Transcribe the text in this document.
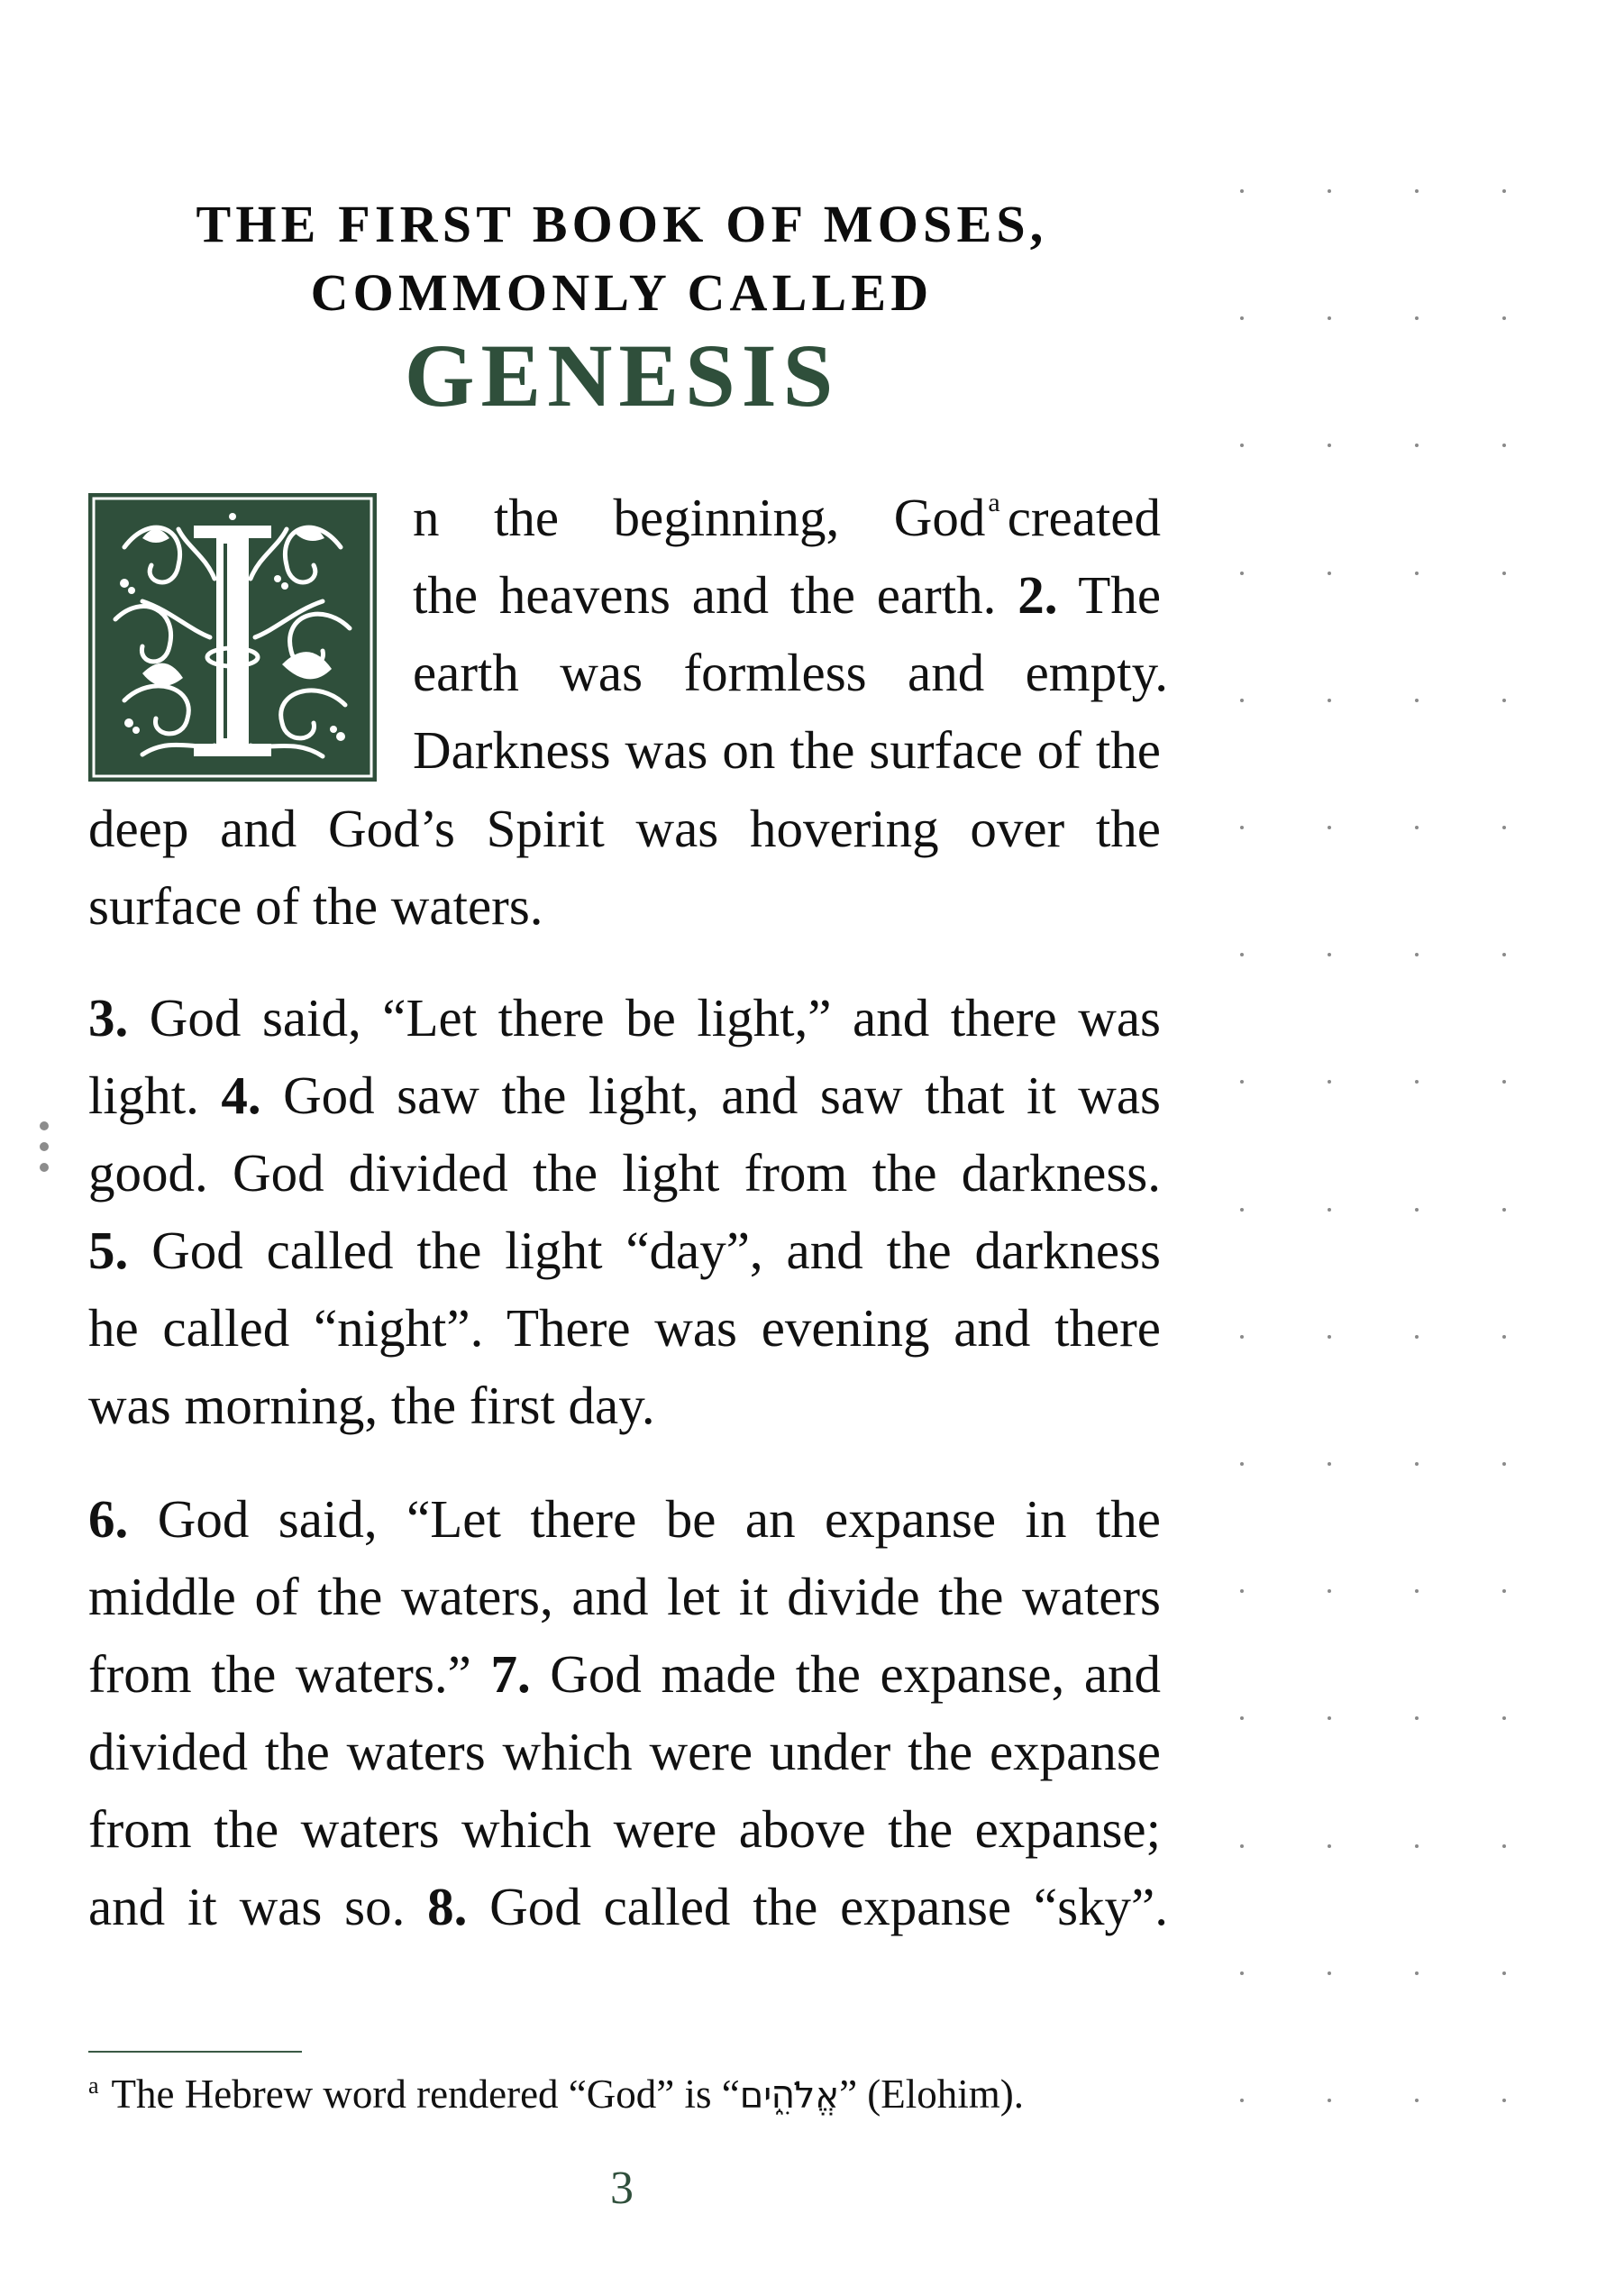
THE FIRST BOOK OF MOSES,
COMMONLY CALLED
GENESIS
n the beginning, God $^a$ created
the heavens and the earth. 2. The
earth was formless and empty.
Darkness was on the surface of the
deep and God’s Spirit was hovering over the
surface of the waters.
3. God said, “Let there be light,” and there was
light. 4. God saw the light, and saw that it was
good. God divided the light from the darkness.
5. God called the light “day”, and the darkness
he called “night”. There was evening and there
was morning, the first day.
6. God said, “Let there be an expanse in the
middle of the waters, and let it divide the waters
from the waters.” 7. God made the expanse, and
divided the waters which were under the expanse
from the waters which were above the expanse;
and it was so. 8. God called the expanse “sky”.
$^a$ The Hebrew word rendered “God” is “אֱלֹהִ֑ים” (Elohim).
3
